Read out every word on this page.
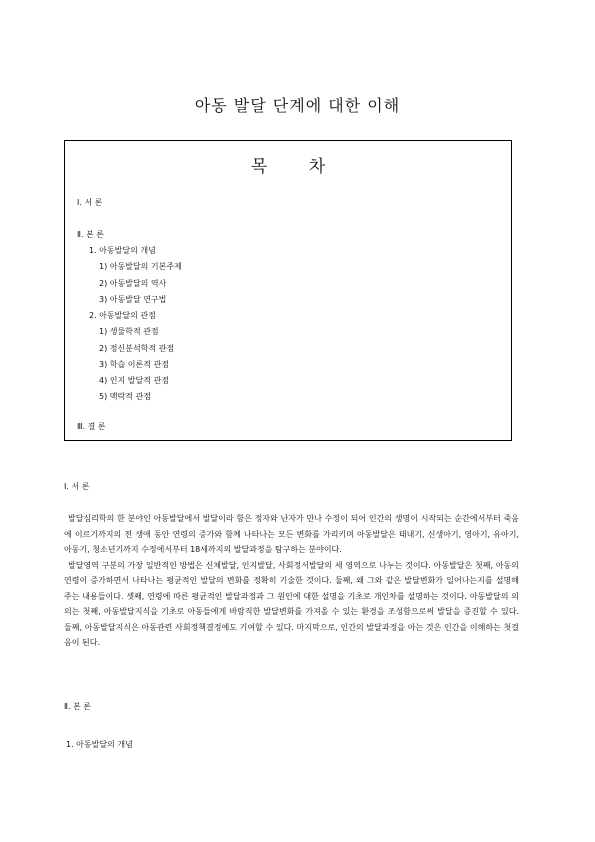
아동 발달 단계에 대한 이해
목 차
Ⅰ. 서 론
Ⅱ. 본 론
1. 아동발달의 개념
1) 아동발달의 기본주제
2) 아동발달의 역사
3) 아동발달 연구법
2. 아동발달의 관점
1) 생물학적 관점
2) 정신분석학적 관점
3) 학습 이론적 관점
4) 인지 발달적 관점
5) 맥락적 관점
Ⅲ. 결 론
Ⅰ. 서 론

발달심리학의 한 분야인 아동발달에서 발달이라 함은 정자와 난자가 만나 수정이 되어 인간의 생명이 시작되는 순간에서부터 죽음에 이르기까지의 전 생애 동안 연령의 증가와 함께 나타나는 모든 변화를 가리키며 아동발달은 태내기, 신생아기, 영아기, 유아기, 아동기, 청소년기까지 수정에서부터 18세까지의 발달과정을 탐구하는 분야이다.

발달영역 구분의 가장 일반적인 방법은 신체발달, 인지발달, 사회정서발달의 세 영역으로 나누는 것이다. 아동발달은 첫째, 아동의 연령이 증가하면서 나타나는 평균적인 발달의 변화를 정확히 기술한 것이다. 둘째, 왜 그와 같은 발달변화가 일어나는지를 설명해 주는 내용들이다. 셋째, 연령에 따른 평균적인 발달과정과 그 원인에 대한 설명을 기초로 개인차를 설명하는 것이다. 아동발달의 의의는 첫째, 아동발달지식을 기초로 아동들에게 바람직한 발달변화를 가져올 수 있는 환경을 조성함으로써 발달을 증진할 수 있다. 둘째, 아동발달지식은 아동관련 사회정책결정에도 기여할 수 있다. 마지막으로, 인간의 발달과정을 아는 것은 인간을 이해하는 첫걸음이 된다.

Ⅱ. 본 론
1. 아동발달의 개념
